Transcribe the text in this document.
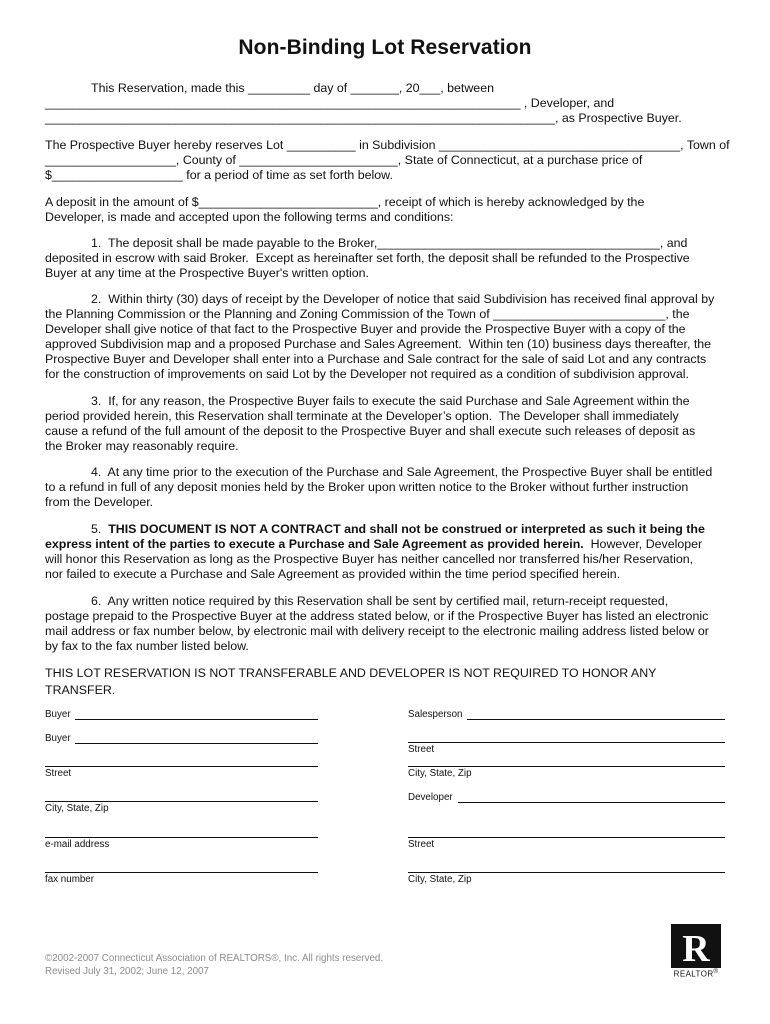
Non-Binding Lot Reservation
This Reservation, made this _________ day of _______, 20___, between
_____________________________________________________________________ , Developer, and
__________________________________________________________________________, as Prospective Buyer.
The Prospective Buyer hereby reserves Lot __________ in Subdivision ___________________________________, Town of
___________________, County of _______________________, State of Connecticut, at a purchase price of
$___________________ for a period of time as set forth below.
A deposit in the amount of $__________________________, receipt of which is hereby acknowledged by the
Developer, is made and accepted upon the following terms and conditions:
1.  The deposit shall be made payable to the Broker,_________________________________________, and
deposited in escrow with said Broker.  Except as hereinafter set forth, the deposit shall be refunded to the Prospective
Buyer at any time at the Prospective Buyer's written option.
2.  Within thirty (30) days of receipt by the Developer of notice that said Subdivision has received final approval by
the Planning Commission or the Planning and Zoning Commission of the Town of _________________________, the
Developer shall give notice of that fact to the Prospective Buyer and provide the Prospective Buyer with a copy of the
approved Subdivision map and a proposed Purchase and Sales Agreement.  Within ten (10) business days thereafter, the
Prospective Buyer and Developer shall enter into a Purchase and Sale contract for the sale of said Lot and any contracts
for the construction of improvements on said Lot by the Developer not required as a condition of subdivision approval.
3.  If, for any reason, the Prospective Buyer fails to execute the said Purchase and Sale Agreement within the
period provided herein, this Reservation shall terminate at the Developer’s option.  The Developer shall immediately
cause a refund of the full amount of the deposit to the Prospective Buyer and shall execute such releases of deposit as
the Broker may reasonably require.
4.  At any time prior to the execution of the Purchase and Sale Agreement, the Prospective Buyer shall be entitled
to a refund in full of any deposit monies held by the Broker upon written notice to the Broker without further instruction
from the Developer.
5.  THIS DOCUMENT IS NOT A CONTRACT and shall not be construed or interpreted as such it being the
express intent of the parties to execute a Purchase and Sale Agreement as provided herein.  However, Developer
will honor this Reservation as long as the Prospective Buyer has neither cancelled nor transferred his/her Reservation,
nor failed to execute a Purchase and Sale Agreement as provided within the time period specified herein.
6.  Any written notice required by this Reservation shall be sent by certified mail, return-receipt requested,
postage prepaid to the Prospective Buyer at the address stated below, or if the Prospective Buyer has listed an electronic
mail address or fax number below, by electronic mail with delivery receipt to the electronic mailing address listed below or
by fax to the fax number listed below.
THIS LOT RESERVATION IS NOT TRANSFERABLE AND DEVELOPER IS NOT REQUIRED TO HONOR ANY TRANSFER.
Buyer
Buyer
Street
City, State, Zip
e-mail address
fax number
Salesperson
Street
City, State, Zip
Developer
Street
City, State, Zip
©2002-2007 Connecticut Association of REALTORS®, Inc. All rights reserved.
Revised July 31, 2002; June 12, 2007
R
REALTOR®
